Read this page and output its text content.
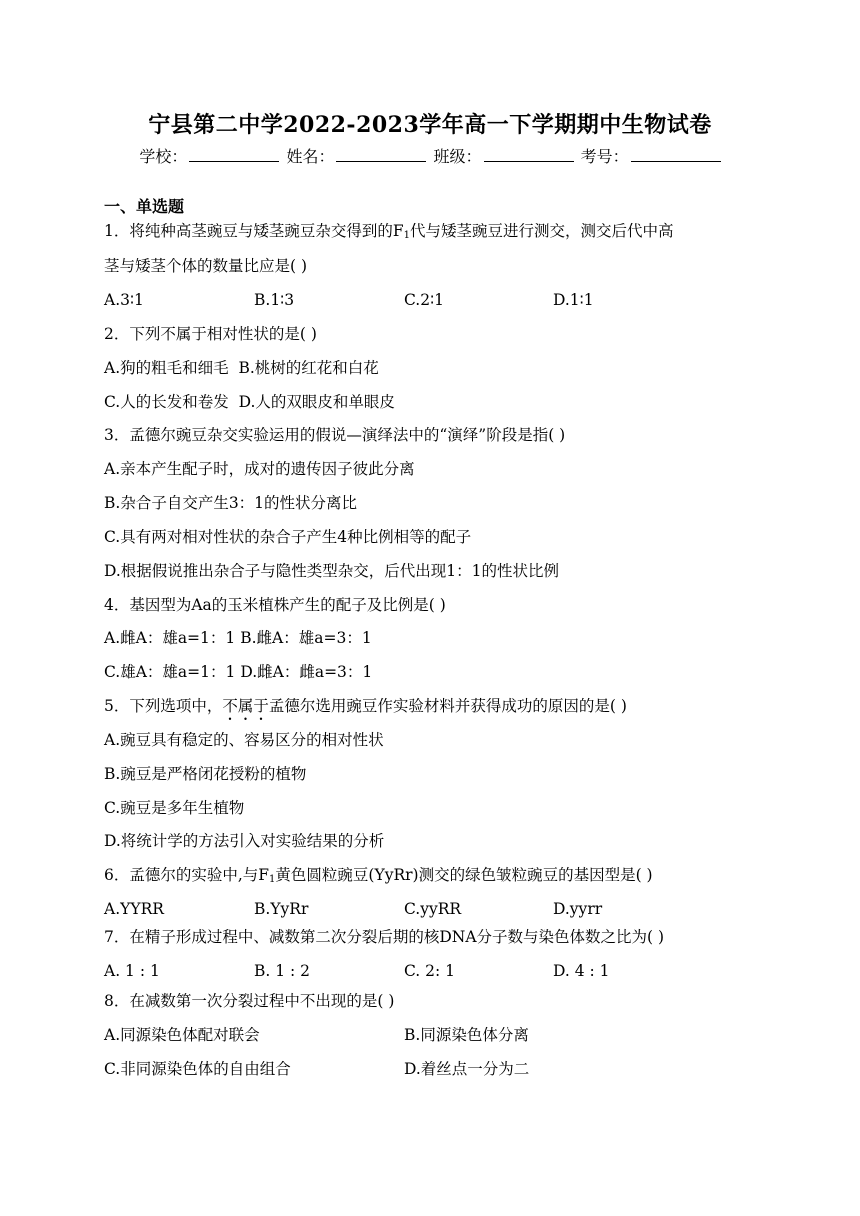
宁县第二中学2022-2023学年高一下学期期中生物试卷
学校：	姓名：	班级：	考号：
一、单选题
1．将纯种高茎豌豆与矮茎豌豆杂交得到的$F_1$代与矮茎豌豆进行测交，测交后代中高
茎与矮茎个体的数量比应是( )
A.3∶1	B.1∶3	C.2∶1	D.1∶1
2．下列不属于相对性状的是( )
A.狗的粗毛和细毛 B.桃树的红花和白花
C.人的长发和卷发 D.人的双眼皮和单眼皮
3．孟德尔豌豆杂交实验运用的假说—演绎法中的“演绎”阶段是指( )
A.亲本产生配子时，成对的遗传因子彼此分离
B.杂合子自交产生3：1的性状分离比
C.具有两对相对性状的杂合子产生4种比例相等的配子
D.根据假说推出杂合子与隐性类型杂交，后代出现1：1的性状比例
4．基因型为Aa的玉米植株产生的配子及比例是( )
A.雌A：雄a=1：1 B.雌A：雄a=3：1
C.雄A：雄a=1：1 D.雌A：雌a=3：1
5．下列选项中，不属于孟德尔选用豌豆作实验材料并获得成功的原因的是( )
A.豌豆具有稳定的、容易区分的相对性状
B.豌豆是严格闭花授粉的植物
C.豌豆是多年生植物
D.将统计学的方法引入对实验结果的分析
6．孟德尔的实验中,与$F_1$黄色圆粒豌豆(YyRr)测交的绿色皱粒豌豆的基因型是( )
A.YYRR	B.YyRr	C.yyRR	D.yyrr
7．在精子形成过程中、减数第二次分裂后期的核DNA分子数与染色体数之比为( )
A. 1 : 1	B. 1 : 2	C. 2: 1	D. 4 : 1
8．在减数第一次分裂过程中不出现的是( )
A.同源染色体配对联会	B.同源染色体分离
C.非同源染色体的自由组合	D.着丝点一分为二
